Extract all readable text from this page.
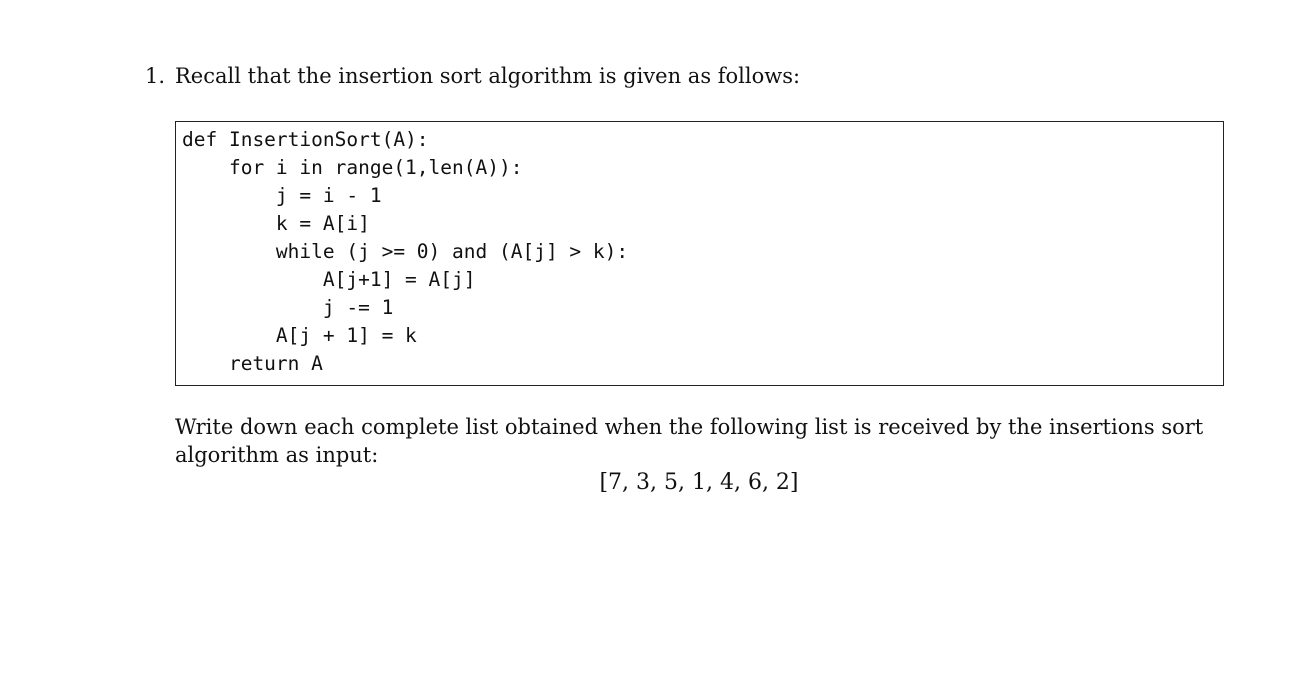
1. Recall that the insertion sort algorithm is given as follows:
def InsertionSort(A):
for i in range(1,len(A)):
j = i - 1
k = A[i]
while (j >= 0) and (A[j] > k):
A[j+1] = A[j]
j -= 1
A[j + 1] = k
return A
Write down each complete list obtained when the following list is received by the insertions sort algorithm as input:
[7, 3, 5, 1, 4, 6, 2]
